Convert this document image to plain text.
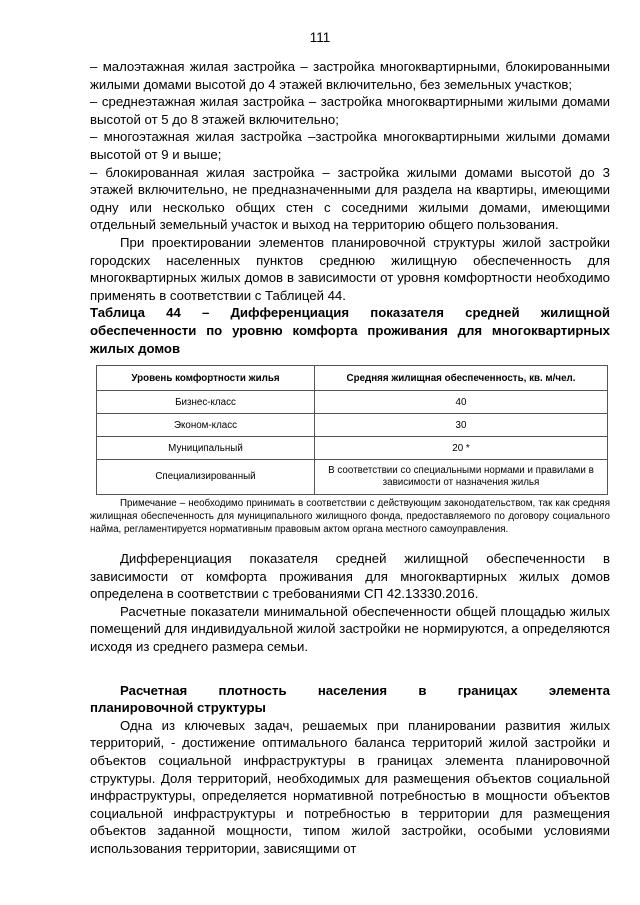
111

– малоэтажная жилая застройка – застройка многоквартирными, блокированными жилыми домами высотой до 4 этажей включительно, без земельных участков;

– среднеэтажная жилая застройка – застройка многоквартирными жилыми домами высотой от 5 до 8 этажей включительно;

– многоэтажная жилая застройка –застройка многоквартирными жилыми домами высотой от 9 и выше;

– блокированная жилая застройка – застройка жилыми домами высотой до 3 этажей включительно, не предназначенными для раздела на квартиры, имеющими одну или несколько общих стен с соседними жилыми домами, имеющими отдельный земельный участок и выход на территорию общего пользования.

При проектировании элементов планировочной структуры жилой застройки городских населенных пунктов среднюю жилищную обеспеченность для многоквартирных жилых домов в зависимости от уровня комфортности необходимо применять в соответствии с Таблицей 44.

Таблица 44 – Дифференциация показателя средней жилищной обеспеченности по уровню комфорта проживания для многоквартирных жилых домов

Уровень комфортности жилья	Средняя жилищная обеспеченность, кв. м/чел.
Бизнес-класс	40
Эконом-класс	30
Муниципальный	20 *
Специализированный	В соответствии со специальными нормами и правилами в зависимости от назначения жилья

Примечание – необходимо принимать в соответствии с действующим законодательством, так как средняя жилищная обеспеченность для муниципального жилищного фонда, предоставляемого по договору социального найма, регламентируется нормативным правовым актом органа местного самоуправления.

Дифференциация показателя средней жилищной обеспеченности в зависимости от комфорта проживания для многоквартирных жилых домов определена в соответствии с требованиями СП 42.13330.2016.

Расчетные показатели минимальной обеспеченности общей площадью жилых помещений для индивидуальной жилой застройки не нормируются, а определяются исходя из среднего размера семьи.

Расчетная плотность населения в границах элемента

планировочной структуры

Одна из ключевых задач, решаемых при планировании развития жилых территорий, - достижение оптимального баланса территорий жилой застройки и объектов социальной инфраструктуры в границах элемента планировочной структуры. Доля территорий, необходимых для размещения объектов социальной инфраструктуры, определяется нормативной потребностью в мощности объектов социальной инфраструктуры и потребностью в территории для размещения объектов заданной мощности, типом жилой застройки, особыми условиями использования территории, зависящими от
